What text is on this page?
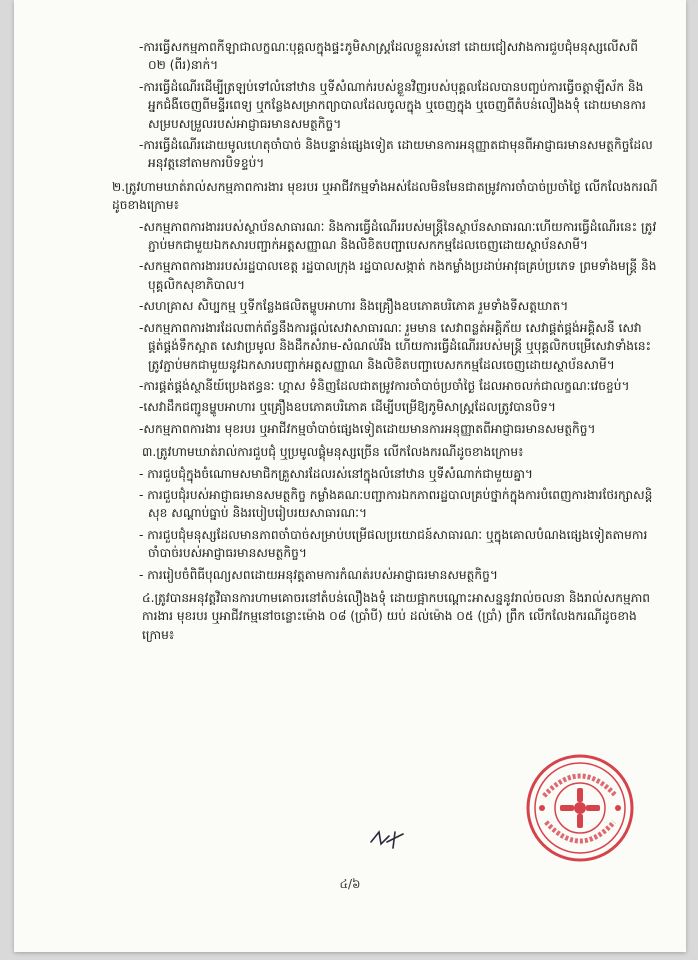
-ការធ្វើសកម្មភាពកីឡាជាលក្ខណៈបុគ្គលក្នុងផ្ទះភូមិសាស្ត្រដែលខ្លួនរស់នៅ ដោយជៀសវាងការជួបជុំមនុស្សលើសពី ០២ (ពីរ)នាក់។

-ការធ្វើដំណើរដើម្បីត្រឡប់ទៅលំនៅឋាន ឬទីសំណាក់របស់ខ្លួនវិញរបស់បុគ្គលដែលបានបញ្ចប់ការធ្វើចត្តាឡីស័ក និងអ្នកជំងឺចេញពីមន្ទីរពេទ្យ ឬកន្លែងសម្រាកព្យាបាលដែលចូលក្នុង ឬចេញក្នុង ឬចេញពីតំបន់លឿងងទុំ ដោយមានការសម្របសម្រួលរបស់អាជ្ញាធរមានសមត្ថកិច្ច។

-ការធ្វើដំណើរដោយមូលហេតុចាំបាច់ និងបន្ទាន់ផ្សេងទៀត ដោយមានការអនុញ្ញាតជាមុនពីអាជ្ញាធរមានសមត្ថកិច្ចដែលអនុវត្តនៅតាមការបិទខ្ទប់។

២.ត្រូវហាមឃាត់រាល់សកម្មភាពការងារ មុខរបរ ឬអាជីវកម្មទាំងអស់ដែលមិនមែនជាតម្រូវការចាំបាច់ប្រចាំថ្ងៃ លើកលែងករណីដូចខាងក្រោម៖

-សកម្មភាពការងាររបស់ស្ថាប័នសាធារណៈ និងការធ្វើដំណើររបស់មន្ត្រីនៃស្ថាប័នសាធារណៈហើយការធ្វើដំណើរនេះ ត្រូវភ្ជាប់មកជាមួយឯកសារបញ្ជាក់អត្តសញ្ញាណ និងលិខិតបញ្ជាបេសកកម្មដែលចេញដោយស្ថាប័នសាមី។

-សកម្មភាពការងាររបស់រដ្ឋបាលខេត្ត រដ្ឋបាលក្រុង រដ្ឋបាលសង្កាត់ កងកម្លាំងប្រដាប់អាវុធគ្រប់ប្រភេទ ព្រមទាំងមន្ត្រី និងបុគ្គលិកសុខាភិបាល។

-សហគ្រាស សិប្បកម្ម ឬទីកន្លែងផលិតម្ហូបអាហារ និងគ្រឿងឧបភោគបរិភោគ រួមទាំងទីសត្តឃាត។

-សកម្មភាពការងារដែលពាក់ព័ន្ធនឹងការផ្តល់សេវាសាធារណៈ រួមមាន សេវាពន្លត់អគ្គិភ័យ សេវាផ្គត់ផ្គង់អគ្គិសនី សេវាផ្គត់ផ្គង់ទឹកស្អាត សេវាប្រមូល និងដឹកសំរាម-សំណល់រឹង ហើយការធ្វើដំណើររបស់មន្ត្រី ឬបុគ្គលិកបម្រើសេវាទាំងនេះ ត្រូវភ្ជាប់មកជាមួយនូវឯកសារបញ្ជាក់អត្តសញ្ញាណ និងលិខិតបញ្ជាបេសកកម្មដែលចេញដោយស្ថាប័នសាមី។

-ការផ្គត់ផ្គង់ស្ថានីយ៍ប្រេងឥន្ធនៈ ហ្គាស ទំនិញដែលជាតម្រូវការចាំបាច់ប្រចាំថ្ងៃ ដែលអាចលក់ជាលក្ខណៈវេចខ្ចប់។

-សេវាដឹកជញ្ជូនម្ហូបអាហារ ឬគ្រឿងឧបភោគបរិភោគ ដើម្បីបម្រើឱ្យភូមិសាស្ត្រដែលត្រូវបានបិទ។

-សកម្មភាពការងារ មុខរបរ ឬអាជីវកម្មចាំបាច់ផ្សេងទៀតដោយមានការអនុញ្ញាតពីអាជ្ញាធរមានសមត្ថកិច្ច។

៣.ត្រូវហាមឃាត់រាល់ការជួបជុំ ឬប្រមូលផ្តុំមនុស្សច្រើន លើកលែងករណីដូចខាងក្រោម៖

- ការជួបជុំក្នុងចំណោមសមាជិកគ្រួសារដែលរស់នៅក្នុងលំនៅឋាន ឬទីសំណាក់ជាមួយគ្នា។

- ការជួបជុំរបស់អាជ្ញាធរមានសមត្ថកិច្ច កម្លាំងគណៈបញ្ជាការឯកភាពរដ្ឋបាលគ្រប់ថ្នាក់ក្នុងការបំពេញការងារថែរក្សាសន្តិសុខ សណ្តាប់ធ្នាប់ និងរបៀបរៀបរយសាធារណៈ។

- ការជួបជុំមនុស្សដែលមានភាពចាំបាច់សម្រាប់បម្រើផលប្រយោជន៍សាធារណៈ ឬក្នុងគោលបំណងផ្សេងទៀតតាមការចាំបាច់របស់អាជ្ញាធរមានសមត្ថកិច្ច។

- ការរៀបចំពិធីបុណ្យសពដោយអនុវត្តតាមការកំណត់របស់អាជ្ញាធរមានសមត្ថកិច្ច។

៤.ត្រូវបានអនុវត្តវិធានការហាមគោចរនៅតំបន់លឿងងទុំ ដោយផ្អាកបណ្តោះអាសន្ននូវរាល់ចលនា និងរាល់សកម្មភាពការងារ មុខរបរ ឬអាជីវកម្មនៅចន្លោះម៉ោង ០៨ (ប្រាំបី) យប់ ដល់ម៉ោង ០៥ (ប្រាំ) ព្រឹក លើកលែងករណីដូចខាងក្រោម៖

៤/៦
